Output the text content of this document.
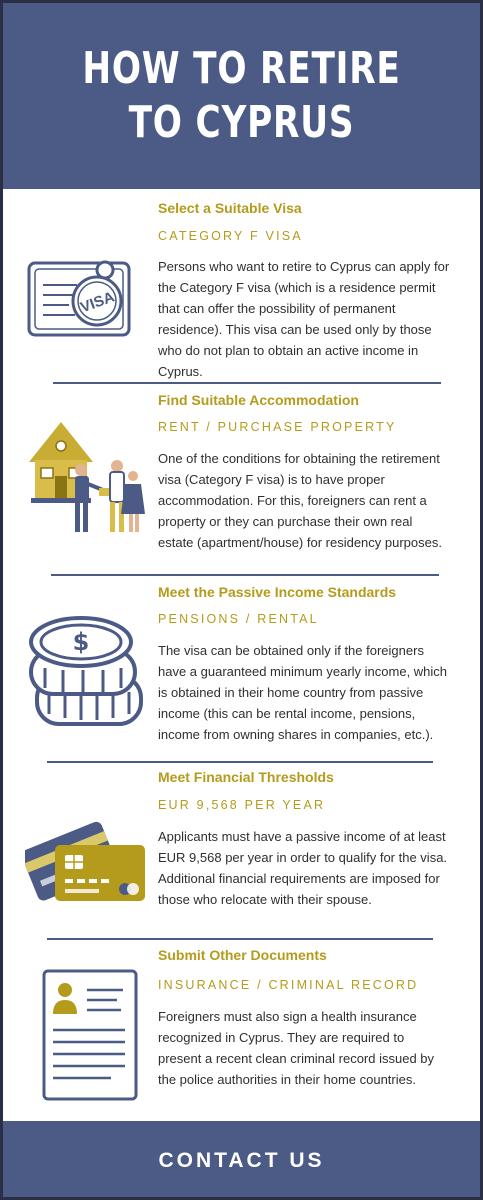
HOW TO RETIRE
TO CYPRUS
Select a Suitable Visa
CATEGORY F VISA
Persons who want to retire to Cyprus can apply for the Category F visa (which is a residence permit that can offer the possibility of permanent residence). This visa can be used only by those who do not plan to obtain an active income in Cyprus.
VISA
Find Suitable Accommodation
RENT / PURCHASE PROPERTY
One of the conditions for obtaining the retirement visa (Category F visa) is to have proper accommodation. For this, foreigners can rent a property or they can purchase their own real estate (apartment/house) for residency purposes.
Meet the Passive Income Standards
PENSIONS / RENTAL
The visa can be obtained only if the foreigners have a guaranteed minimum yearly income, which is obtained in their home country from passive income (this can be rental income, pensions, income from owning shares in companies, etc.).
$
Meet Financial Thresholds
EUR 9,568 PER YEAR
Applicants must have a passive income of at least EUR 9,568 per year in order to qualify for the visa. Additional financial requirements are imposed for those who relocate with their spouse.
Submit Other Documents
INSURANCE / CRIMINAL RECORD
Foreigners must also sign a health insurance recognized in Cyprus. They are required to present a recent clean criminal record issued by the police authorities in their home countries.
CONTACT US
